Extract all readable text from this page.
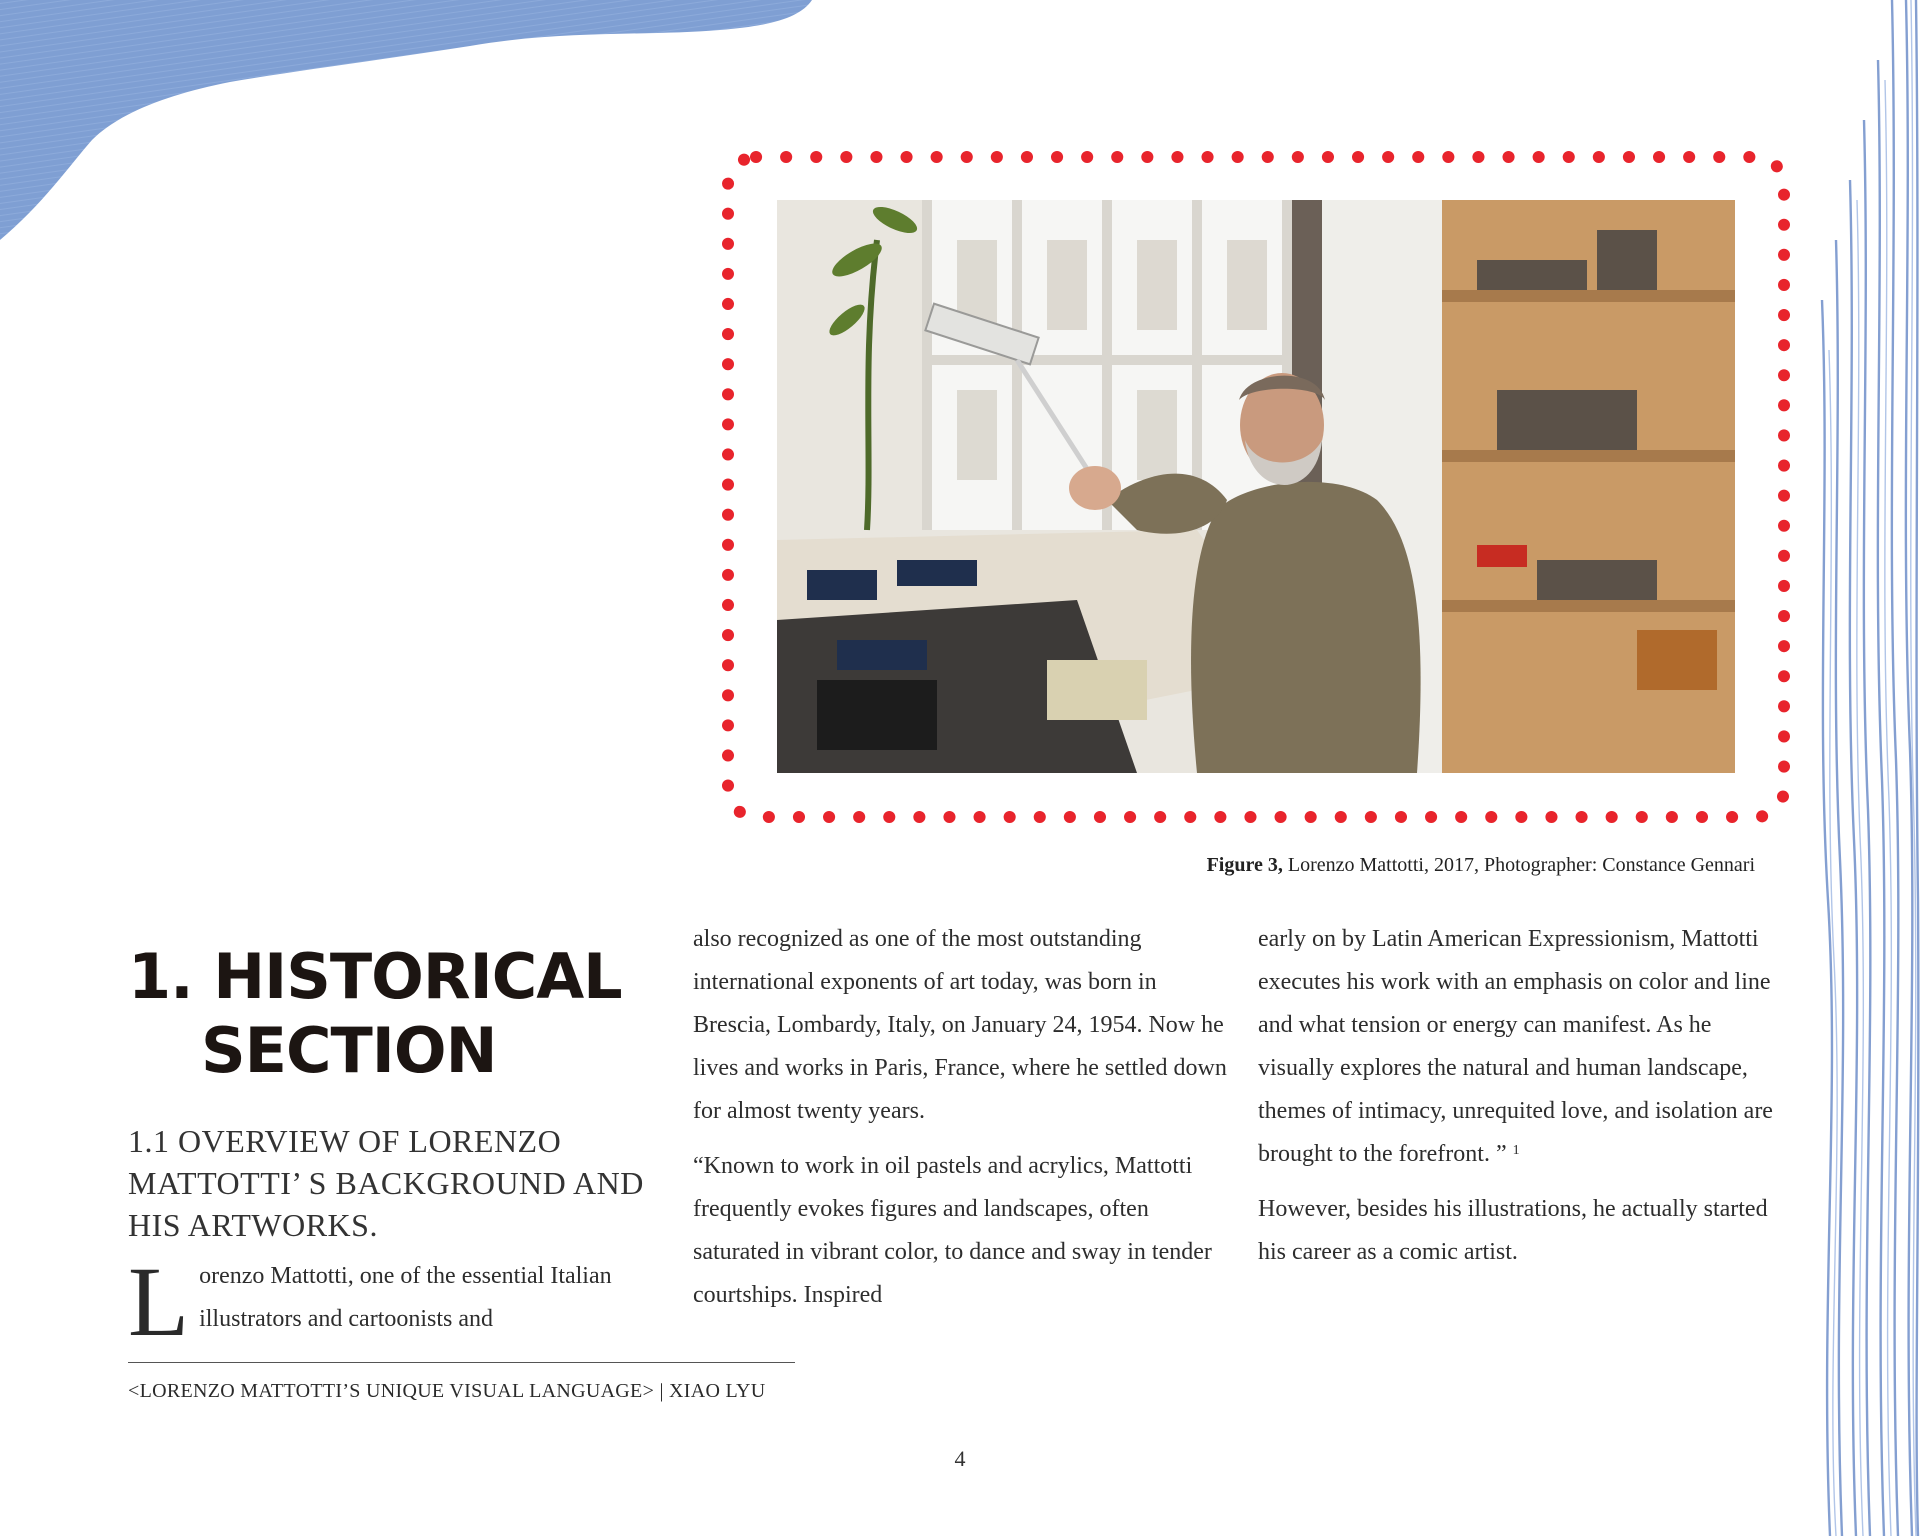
Figure 3, Lorenzo Mattotti, 2017, Photographer: Constance Gennari
1. HISTORICAL
SECTION
1.1 OVERVIEW OF LORENZO MATTOTTI’ S BACKGROUND AND HIS ARTWORKS.

Lorenzo Mattotti, one of the essential Italian illustrators and cartoonists and

also recognized as one of the most outstanding international exponents of art today, was born in Brescia, Lombardy, Italy, on January 24, 1954. Now he lives and works in Paris, France, where he settled down for almost twenty years.

“Known to work in oil pastels and acrylics, Mattotti frequently evokes figures and landscapes, often saturated in vibrant color, to dance and sway in tender courtships. Inspired

early on by Latin American Expressionism, Mattotti executes his work with an emphasis on color and line and what tension or energy can manifest. As he visually explores the natural and human landscape, themes of intimacy, unrequited love, and isolation are brought to the forefront. ” $^1$

However, besides his illustrations, he actually started his career as a comic artist.

<LORENZO MATTOTTI’S UNIQUE VISUAL LANGUAGE> | XIAO LYU
4
